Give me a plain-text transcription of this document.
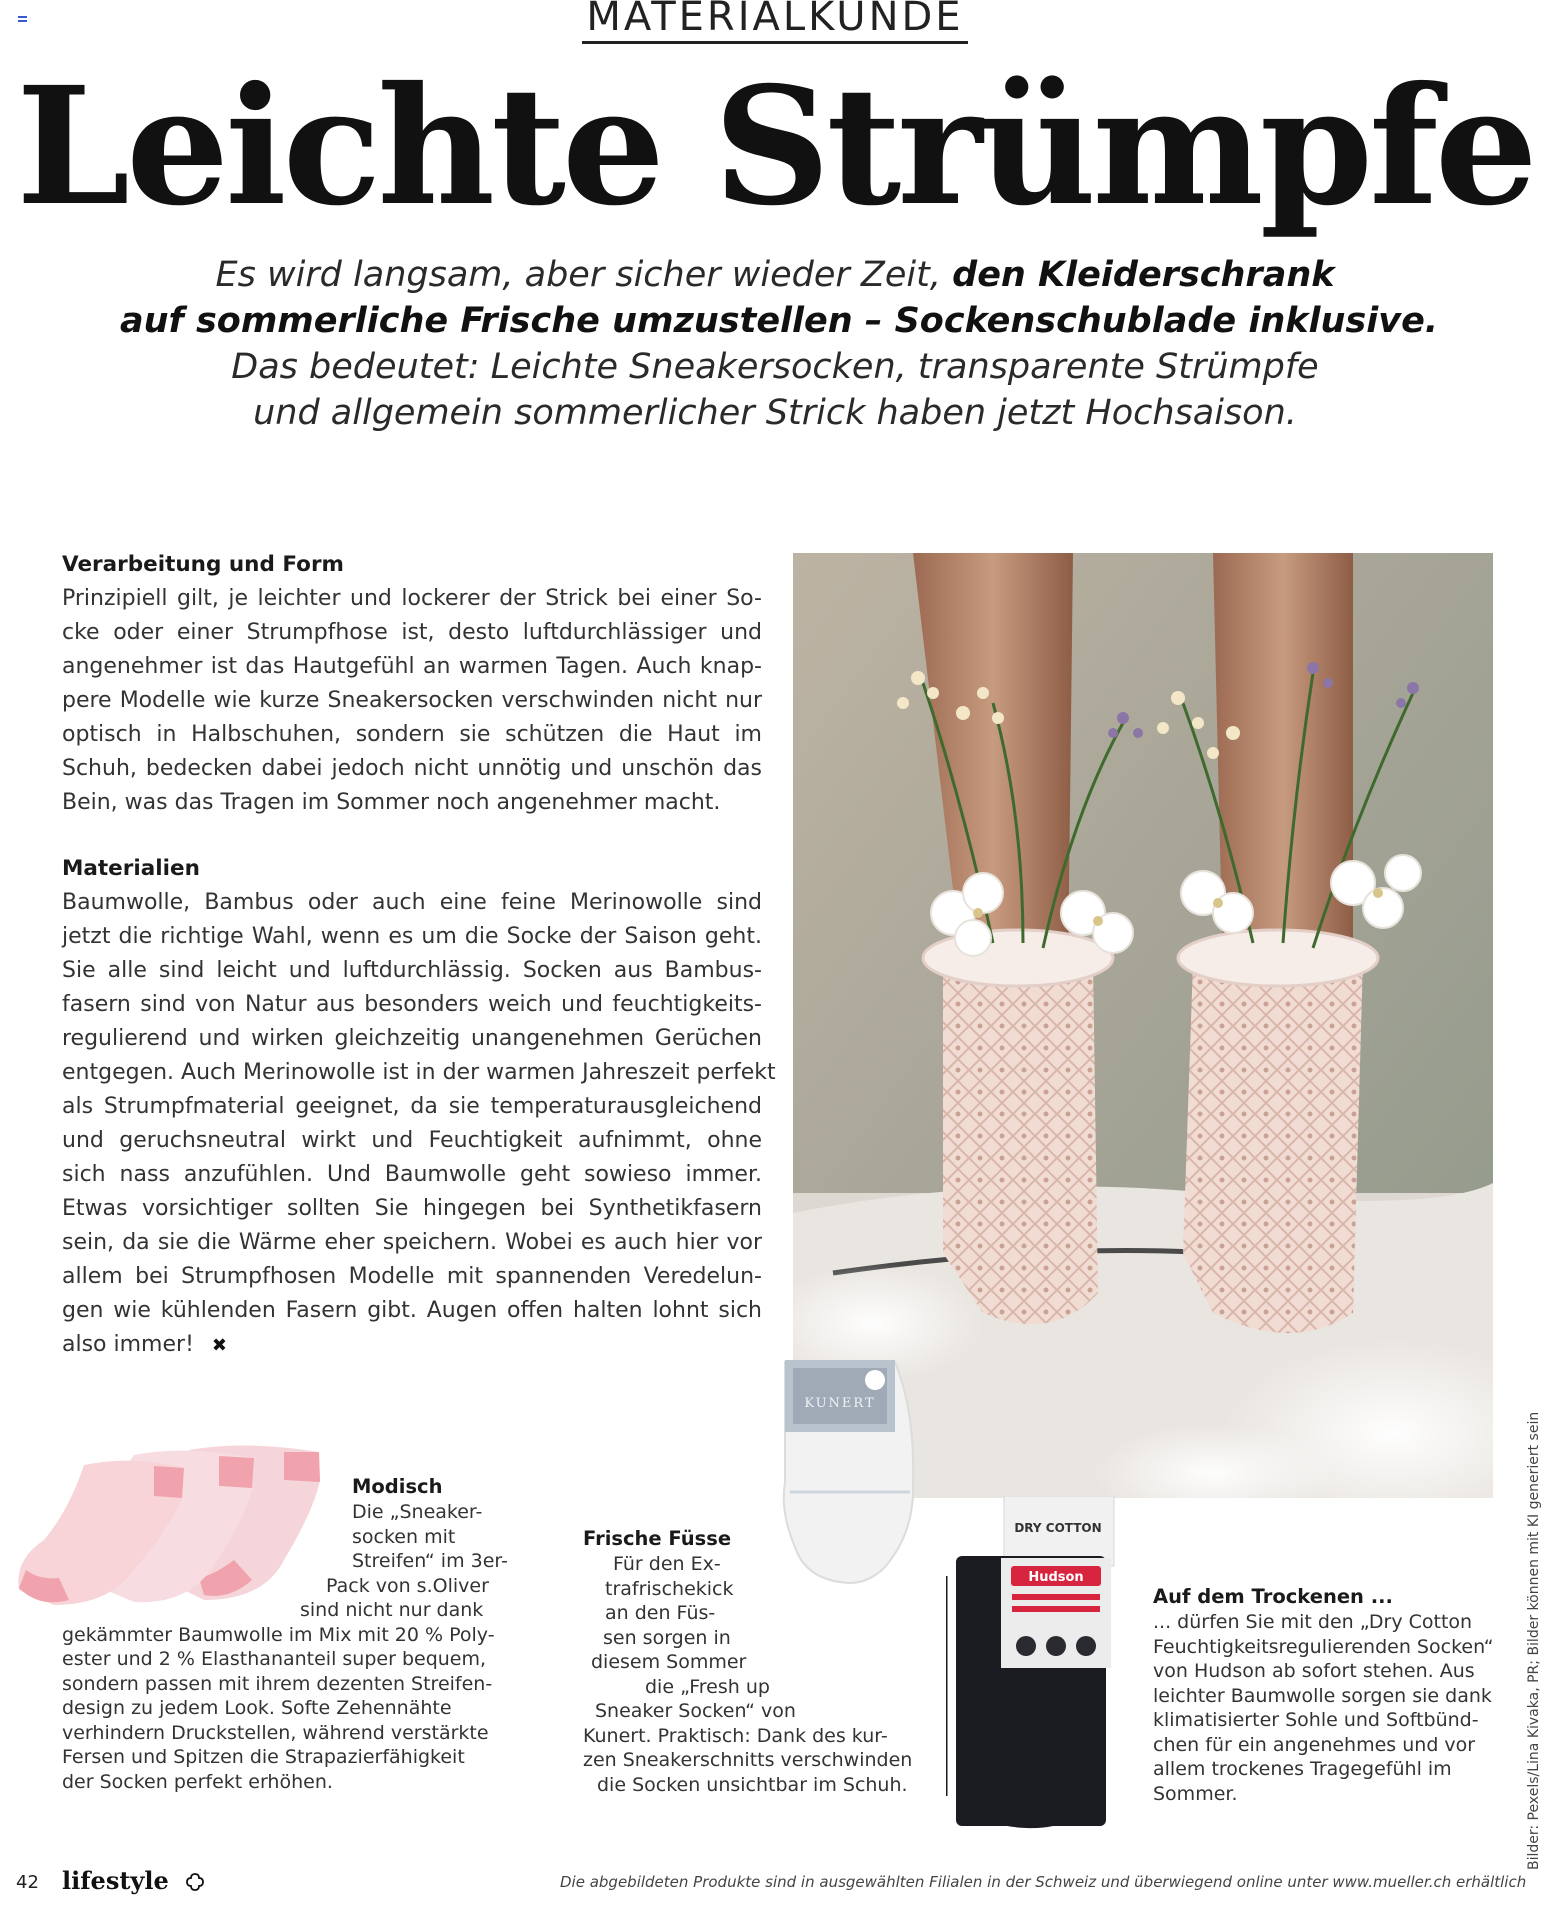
MATERIALKUNDE
Leichte Strümpfe
Es wird langsam, aber sicher wieder Zeit, den Kleiderschrank
auf sommerliche Frische umzustellen – Sockenschublade inklusive.
Das bedeutet: Leichte Sneakersocken, transparente Strümpfe
und allgemein sommerlicher Strick haben jetzt Hochsaison.
Verarbeitung und Form
Prinzipiell gilt, je leichter und lockerer der Strick bei einer So-
cke oder einer Strumpfhose ist, desto luftdurchlässiger und
angenehmer ist das Hautgefühl an warmen Tagen. Auch knap-
pere Modelle wie kurze Sneakersocken verschwinden nicht nur
optisch in Halbschuhen, sondern sie schützen die Haut im
Schuh, bedecken dabei jedoch nicht unnötig und unschön das
Bein, was das Tragen im Sommer noch angenehmer macht.
Materialien
Baumwolle, Bambus oder auch eine feine Merinowolle sind
jetzt die richtige Wahl, wenn es um die Socke der Saison geht.
Sie alle sind leicht und luftdurchlässig. Socken aus Bambus-
fasern sind von Natur aus besonders weich und feuchtigkeits-
regulierend und wirken gleichzeitig unangenehmen Gerüchen
entgegen. Auch Merinowolle ist in der warmen Jahreszeit perfekt
als Strumpfmaterial geeignet, da sie temperaturausgleichend
und geruchsneutral wirkt und Feuchtigkeit aufnimmt, ohne
sich nass anzufühlen. Und Baumwolle geht sowieso immer.
Etwas vorsichtiger sollten Sie hingegen bei Synthetikfasern
sein, da sie die Wärme eher speichern. Wobei es auch hier vor
allem bei Strumpfhosen Modelle mit spannenden Veredelun-
gen wie kühlenden Fasern gibt. Augen offen halten lohnt sich
also immer! ✖
Modisch
Die „Sneaker-
socken mit
Streifen“ im 3er-
Pack von s.Oliver
sind nicht nur dank
gekämmter Baumwolle im Mix mit 20 % Poly-
ester und 2 % Elasthananteil super bequem,
sondern passen mit ihrem dezenten Streifen-
design zu jedem Look. Softe Zehennähte
verhindern Druckstellen, während verstärkte
Fersen und Spitzen die Strapazierfähigkeit
der Socken perfekt erhöhen.
KUNERT
Frische Füsse
Für den Ex-
trafrischekick
an den Füs-
sen sorgen in
diesem Sommer
die „Fresh up
Sneaker Socken“ von
Kunert. Praktisch: Dank des kur-
zen Sneakerschnitts verschwinden
die Socken unsichtbar im Schuh.
DRY COTTON
Hudson
Auf dem Trockenen ...
... dürfen Sie mit den „Dry Cotton
Feuchtigkeitsregulierenden Socken“
von Hudson ab sofort stehen. Aus
leichter Baumwolle sorgen sie dank
klimatisierter Sohle und Softbünd-
chen für ein angenehmes und vor
allem trockenes Tragegefühl im
Sommer.	Bilder: Pexels/Lina Kivaka, PR; Bilder können mit KI generiert sein
42 lifestyle	Die abgebildeten Produkte sind in ausgewählten Filialen in der Schweiz und überwiegend online unter www.mueller.ch erhältlich
